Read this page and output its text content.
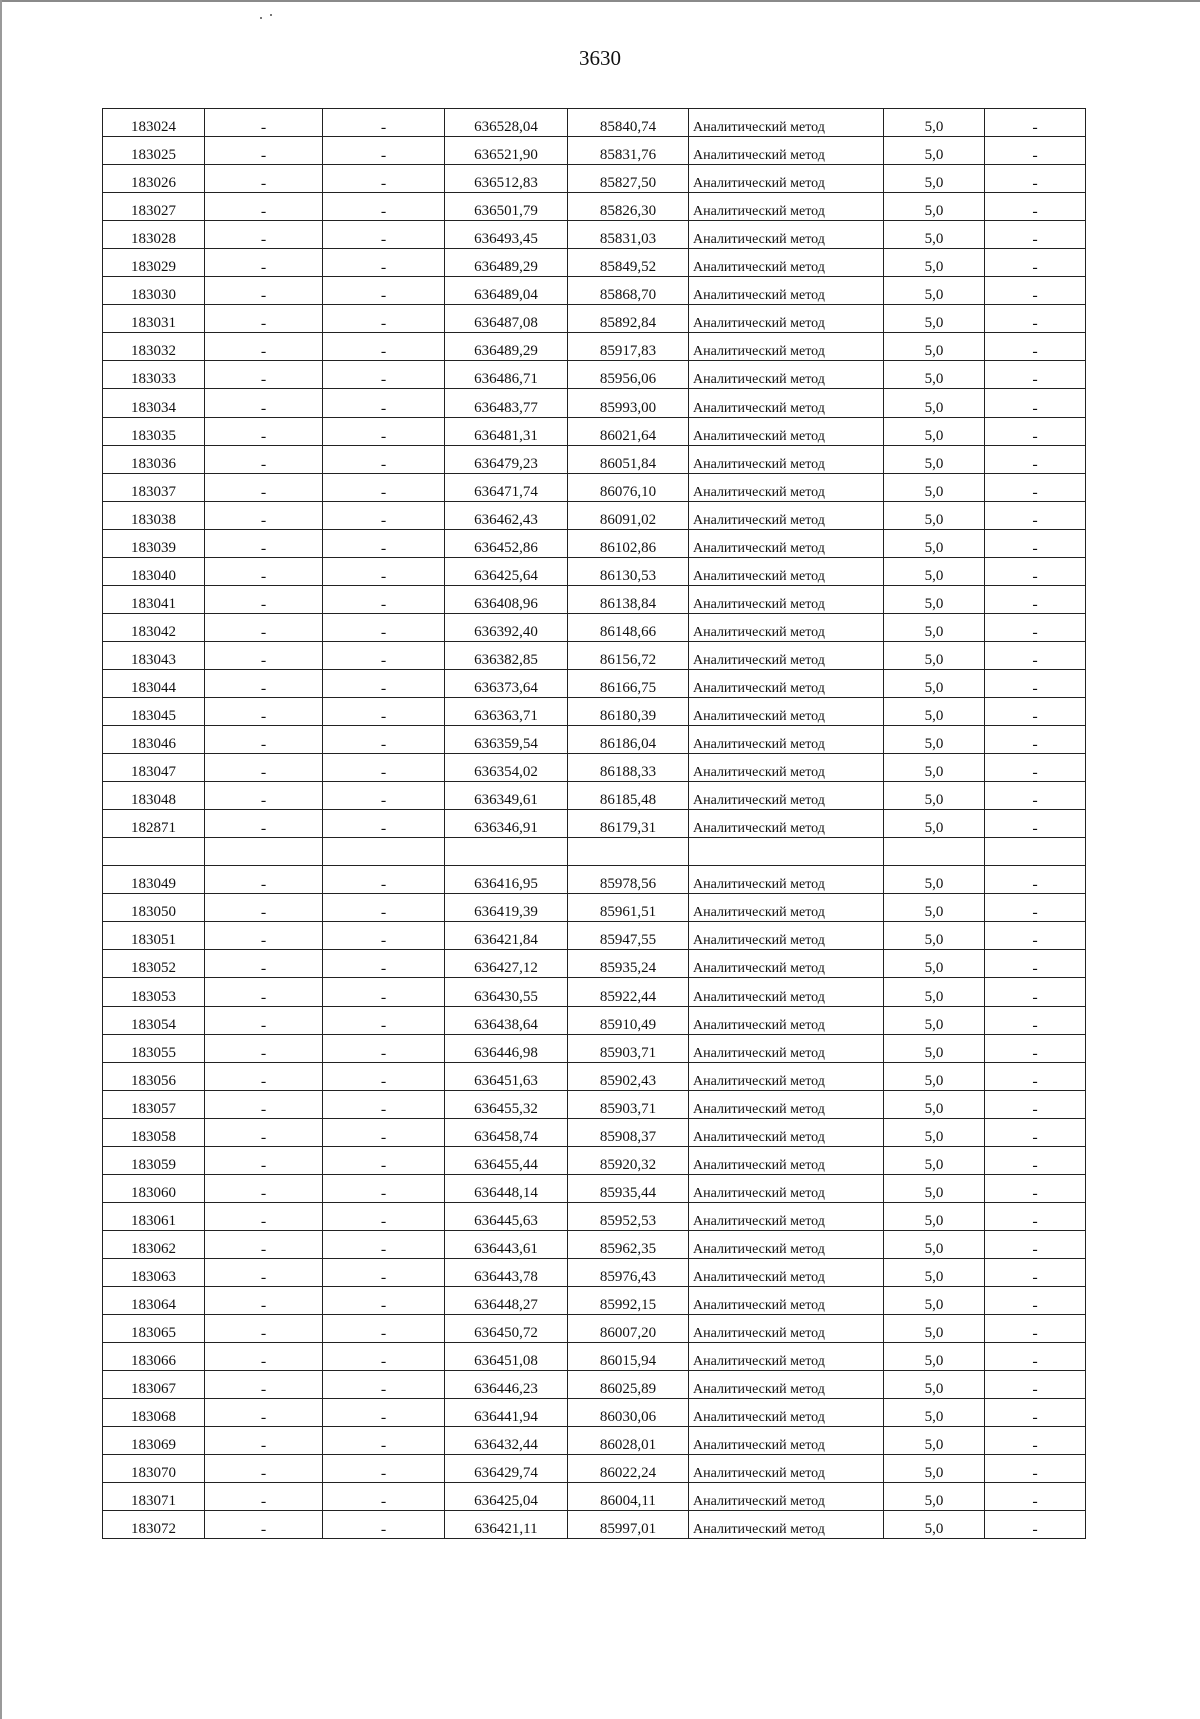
3630
183024	-	-	636528,04	85840,74	Аналитический метод	5,0	-
183025	-	-	636521,90	85831,76	Аналитический метод	5,0	-
183026	-	-	636512,83	85827,50	Аналитический метод	5,0	-
183027	-	-	636501,79	85826,30	Аналитический метод	5,0	-
183028	-	-	636493,45	85831,03	Аналитический метод	5,0	-
183029	-	-	636489,29	85849,52	Аналитический метод	5,0	-
183030	-	-	636489,04	85868,70	Аналитический метод	5,0	-
183031	-	-	636487,08	85892,84	Аналитический метод	5,0	-
183032	-	-	636489,29	85917,83	Аналитический метод	5,0	-
183033	-	-	636486,71	85956,06	Аналитический метод	5,0	-
183034	-	-	636483,77	85993,00	Аналитический метод	5,0	-
183035	-	-	636481,31	86021,64	Аналитический метод	5,0	-
183036	-	-	636479,23	86051,84	Аналитический метод	5,0	-
183037	-	-	636471,74	86076,10	Аналитический метод	5,0	-
183038	-	-	636462,43	86091,02	Аналитический метод	5,0	-
183039	-	-	636452,86	86102,86	Аналитический метод	5,0	-
183040	-	-	636425,64	86130,53	Аналитический метод	5,0	-
183041	-	-	636408,96	86138,84	Аналитический метод	5,0	-
183042	-	-	636392,40	86148,66	Аналитический метод	5,0	-
183043	-	-	636382,85	86156,72	Аналитический метод	5,0	-
183044	-	-	636373,64	86166,75	Аналитический метод	5,0	-
183045	-	-	636363,71	86180,39	Аналитический метод	5,0	-
183046	-	-	636359,54	86186,04	Аналитический метод	5,0	-
183047	-	-	636354,02	86188,33	Аналитический метод	5,0	-
183048	-	-	636349,61	86185,48	Аналитический метод	5,0	-
182871	-	-	636346,91	86179,31	Аналитический метод	5,0	-

183049	-	-	636416,95	85978,56	Аналитический метод	5,0	-
183050	-	-	636419,39	85961,51	Аналитический метод	5,0	-
183051	-	-	636421,84	85947,55	Аналитический метод	5,0	-
183052	-	-	636427,12	85935,24	Аналитический метод	5,0	-
183053	-	-	636430,55	85922,44	Аналитический метод	5,0	-
183054	-	-	636438,64	85910,49	Аналитический метод	5,0	-
183055	-	-	636446,98	85903,71	Аналитический метод	5,0	-
183056	-	-	636451,63	85902,43	Аналитический метод	5,0	-
183057	-	-	636455,32	85903,71	Аналитический метод	5,0	-
183058	-	-	636458,74	85908,37	Аналитический метод	5,0	-
183059	-	-	636455,44	85920,32	Аналитический метод	5,0	-
183060	-	-	636448,14	85935,44	Аналитический метод	5,0	-
183061	-	-	636445,63	85952,53	Аналитический метод	5,0	-
183062	-	-	636443,61	85962,35	Аналитический метод	5,0	-
183063	-	-	636443,78	85976,43	Аналитический метод	5,0	-
183064	-	-	636448,27	85992,15	Аналитический метод	5,0	-
183065	-	-	636450,72	86007,20	Аналитический метод	5,0	-
183066	-	-	636451,08	86015,94	Аналитический метод	5,0	-
183067	-	-	636446,23	86025,89	Аналитический метод	5,0	-
183068	-	-	636441,94	86030,06	Аналитический метод	5,0	-
183069	-	-	636432,44	86028,01	Аналитический метод	5,0	-
183070	-	-	636429,74	86022,24	Аналитический метод	5,0	-
183071	-	-	636425,04	86004,11	Аналитический метод	5,0	-
183072	-	-	636421,11	85997,01	Аналитический метод	5,0	-
